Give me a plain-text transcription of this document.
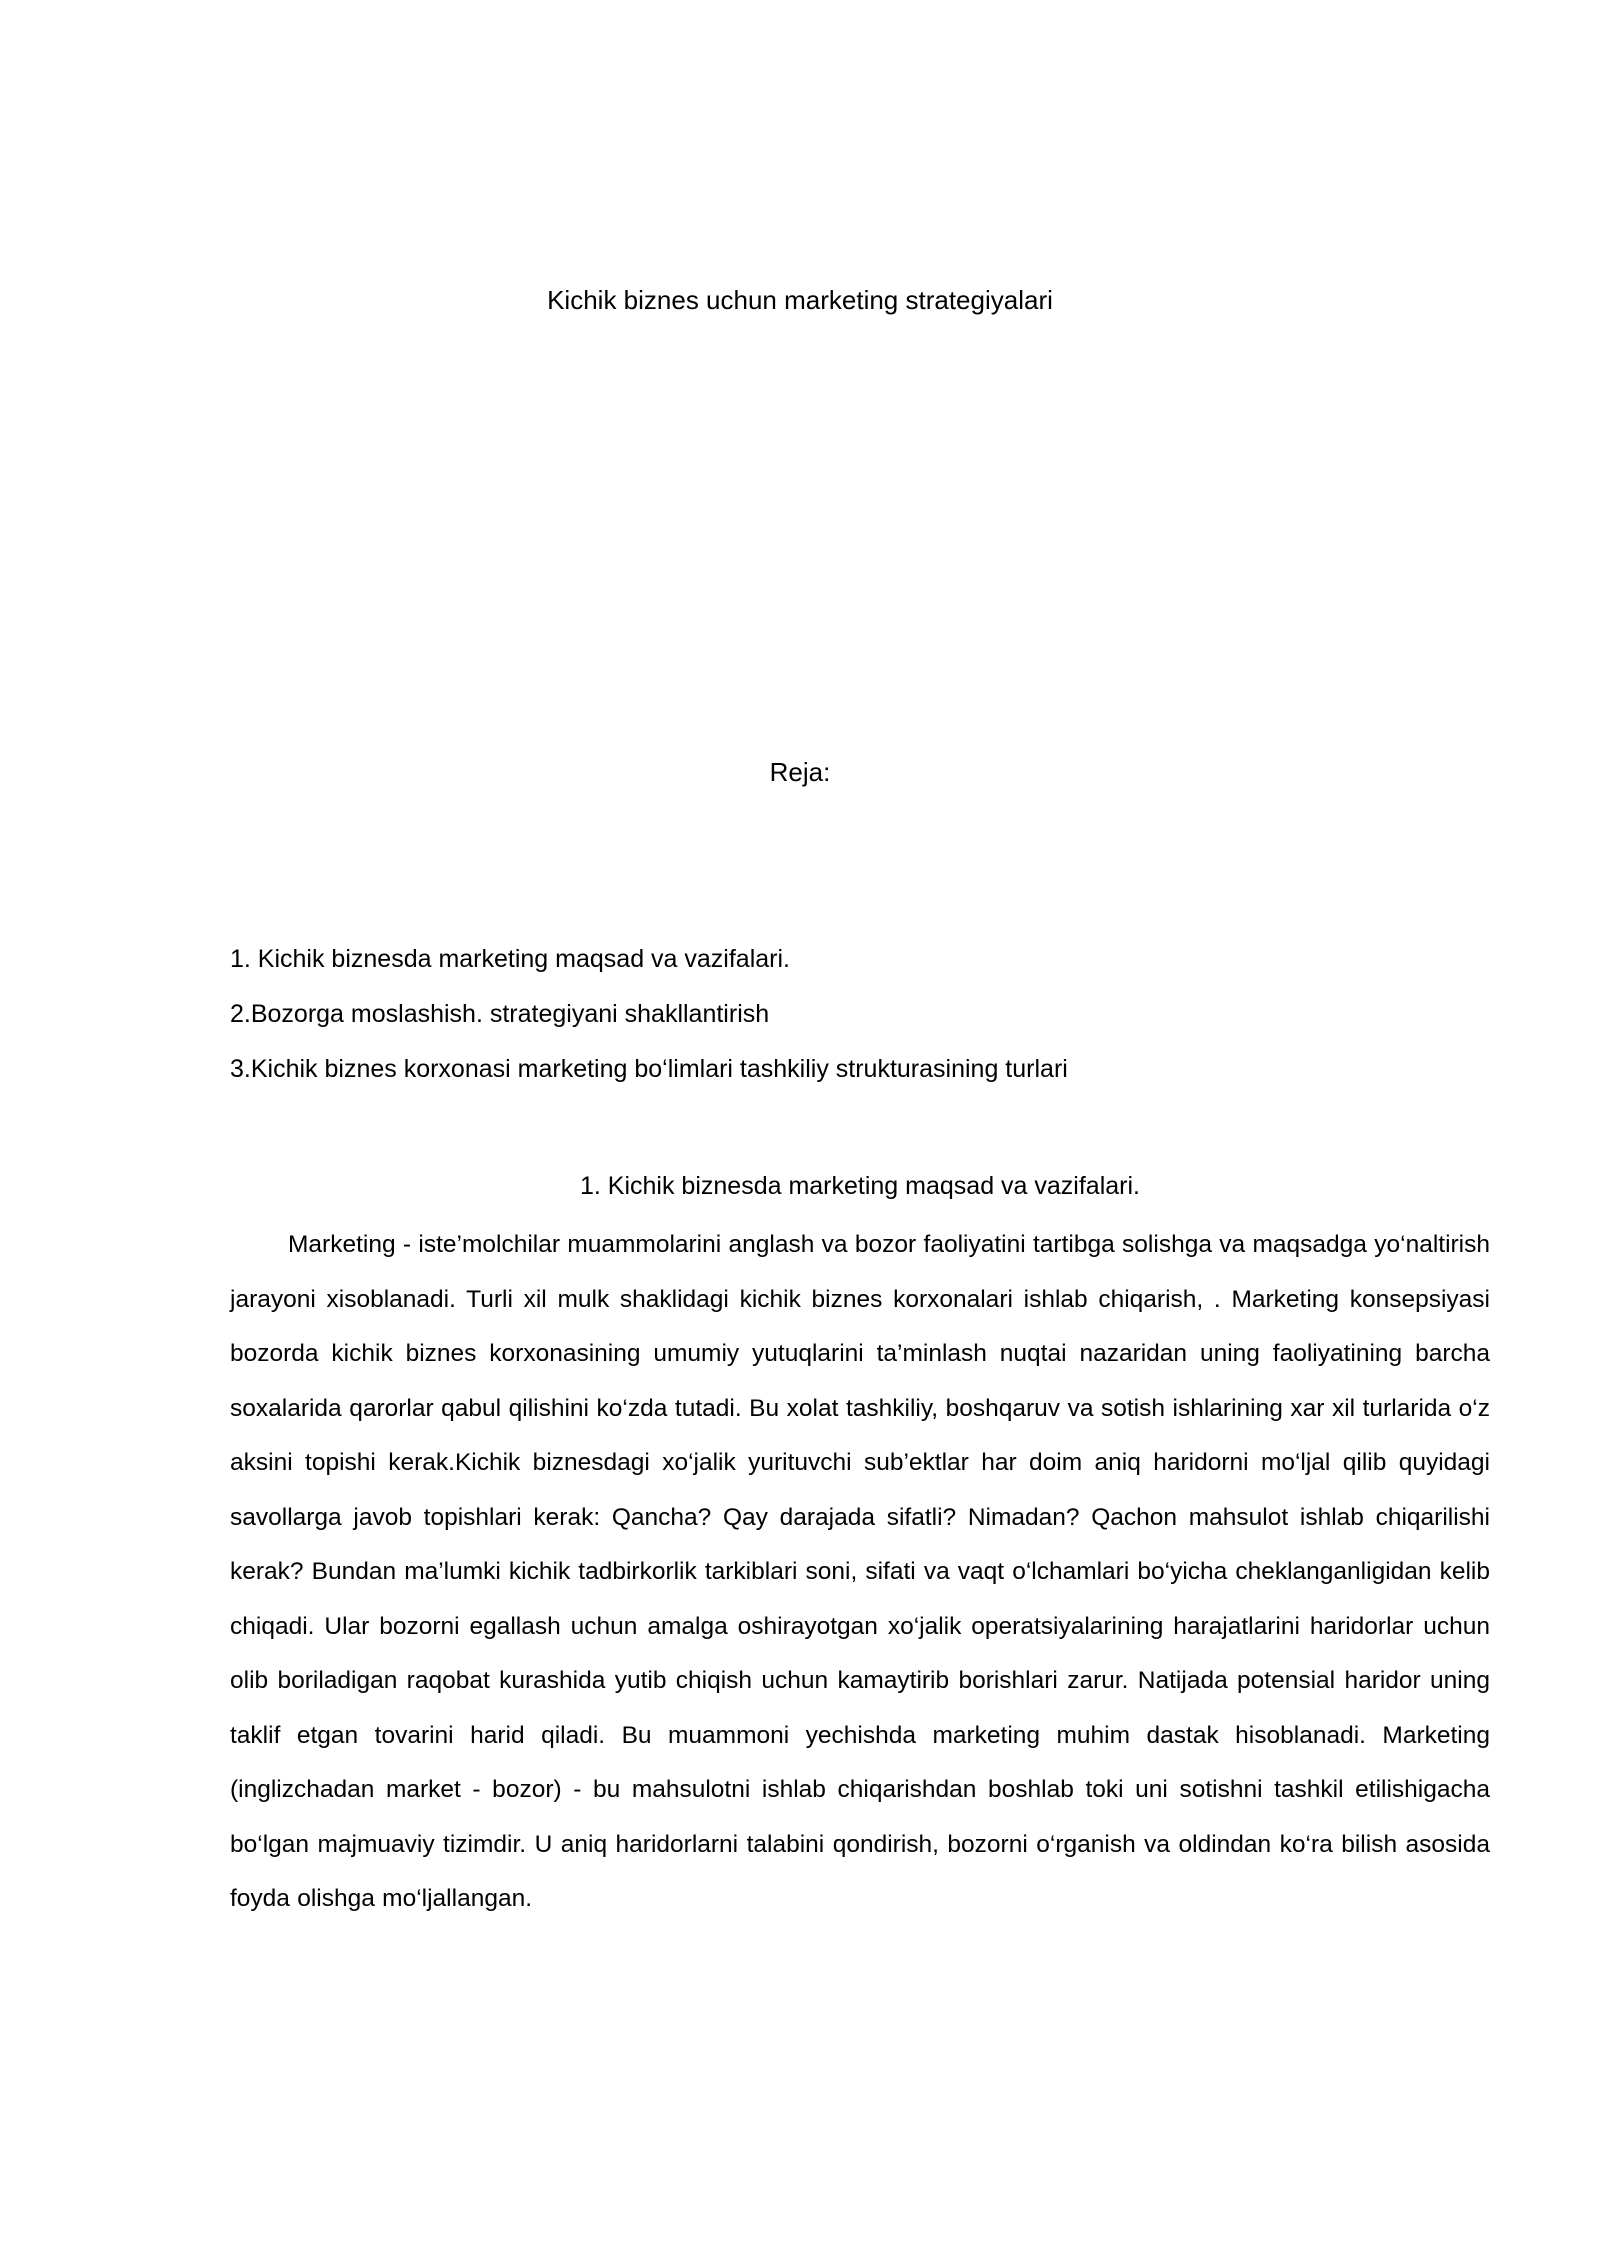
Kichik biznes uchun marketing strategiyalari
Reja:
1. Kichik biznesda marketing maqsad va vazifalari.
2.Bozorga moslashish. strategiyani shakllantirish
3.Kichik biznes korxonasi marketing bo‘limlari tashkiliy strukturasining turlari
1. Kichik biznesda marketing maqsad va vazifalari.

Marketing - iste’molchilar muammolarini anglash va bozor faoliyatini tartibga solishga va maqsadga yo‘naltirish jarayoni xisoblanadi. Turli xil mulk shaklidagi kichik biznes korxonalari ishlab chiqarish, . Marketing konsepsiyasi bozorda kichik biznes korxonasining umumiy yutuqlarini ta’minlash nuqtai nazaridan uning faoliyatining barcha soxalarida qarorlar qabul qilishini ko‘zda tutadi. Bu xolat tashkiliy, boshqaruv va sotish ishlarining xar xil turlarida o‘z aksini topishi kerak.Kichik biznesdagi xo‘jalik yurituvchi sub’ektlar har doim aniq haridorni mo‘ljal qilib quyidagi savollarga javob topishlari kerak: Qancha? Qay darajada sifatli? Nimadan? Qachon mahsulot ishlab chiqarilishi kerak? Bundan ma’lumki kichik tadbirkorlik tarkiblari soni, sifati va vaqt o‘lchamlari bo‘yicha cheklanganligidan kelib chiqadi. Ular bozorni egallash uchun amalga oshirayotgan xo‘jalik operatsiyalarining harajatlarini haridorlar uchun olib boriladigan raqobat kurashida yutib chiqish uchun kamaytirib borishlari zarur. Natijada potensial haridor uning taklif etgan tovarini harid qiladi. Bu muammoni yechishda marketing muhim dastak hisoblanadi. Marketing (inglizchadan market - bozor) - bu mahsulotni ishlab chiqarishdan boshlab toki uni sotishni tashkil etilishigacha bo‘lgan majmuaviy tizimdir. U aniq haridorlarni talabini qondirish, bozorni o‘rganish va oldindan ko‘ra bilish asosida foyda olishga mo‘ljallangan.
